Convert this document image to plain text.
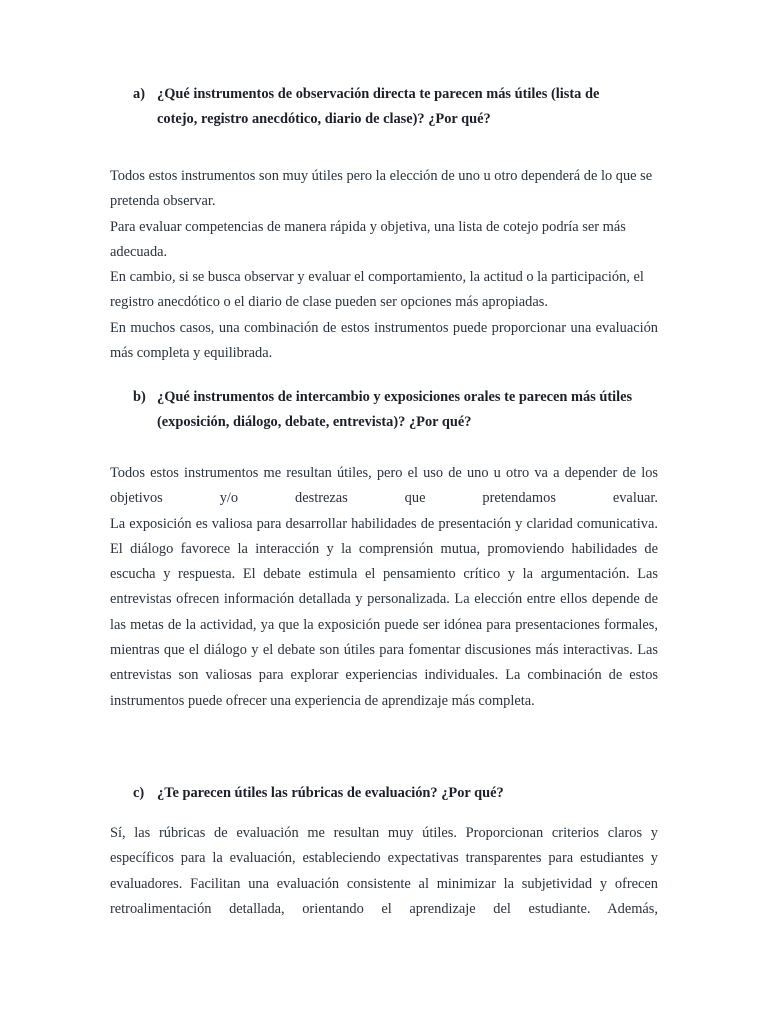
a) ¿Qué instrumentos de observación directa te parecen más útiles (lista de cotejo, registro anecdótico, diario de clase)? ¿Por qué?

Todos estos instrumentos son muy útiles pero la elección de uno u otro dependerá de lo que se pretenda observar.

Para evaluar competencias de manera rápida y objetiva, una lista de cotejo podría ser más adecuada.

En cambio, si se busca observar y evaluar el comportamiento, la actitud o la participación, el registro anecdótico o el diario de clase pueden ser opciones más apropiadas.

En muchos casos, una combinación de estos instrumentos puede proporcionar una evaluación más completa y equilibrada.

b) ¿Qué instrumentos de intercambio y exposiciones orales te parecen más útiles (exposición, diálogo, debate, entrevista)? ¿Por qué?

Todos estos instrumentos me resultan útiles, pero el uso de uno u otro va a depender de los objetivos y/o destrezas que pretendamos evaluar.

La exposición es valiosa para desarrollar habilidades de presentación y claridad comunicativa. El diálogo favorece la interacción y la comprensión mutua, promoviendo habilidades de escucha y respuesta. El debate estimula el pensamiento crítico y la argumentación. Las entrevistas ofrecen información detallada y personalizada. La elección entre ellos depende de las metas de la actividad, ya que la exposición puede ser idónea para presentaciones formales, mientras que el diálogo y el debate son útiles para fomentar discusiones más interactivas. Las entrevistas son valiosas para explorar experiencias individuales. La combinación de estos instrumentos puede ofrecer una experiencia de aprendizaje más completa.

c) ¿Te parecen útiles las rúbricas de evaluación? ¿Por qué?

Sí, las rúbricas de evaluación me resultan muy útiles. Proporcionan criterios claros y específicos para la evaluación, estableciendo expectativas transparentes para estudiantes y evaluadores. Facilitan una evaluación consistente al minimizar la subjetividad y ofrecen retroalimentación detallada, orientando el aprendizaje del estudiante. Además,
